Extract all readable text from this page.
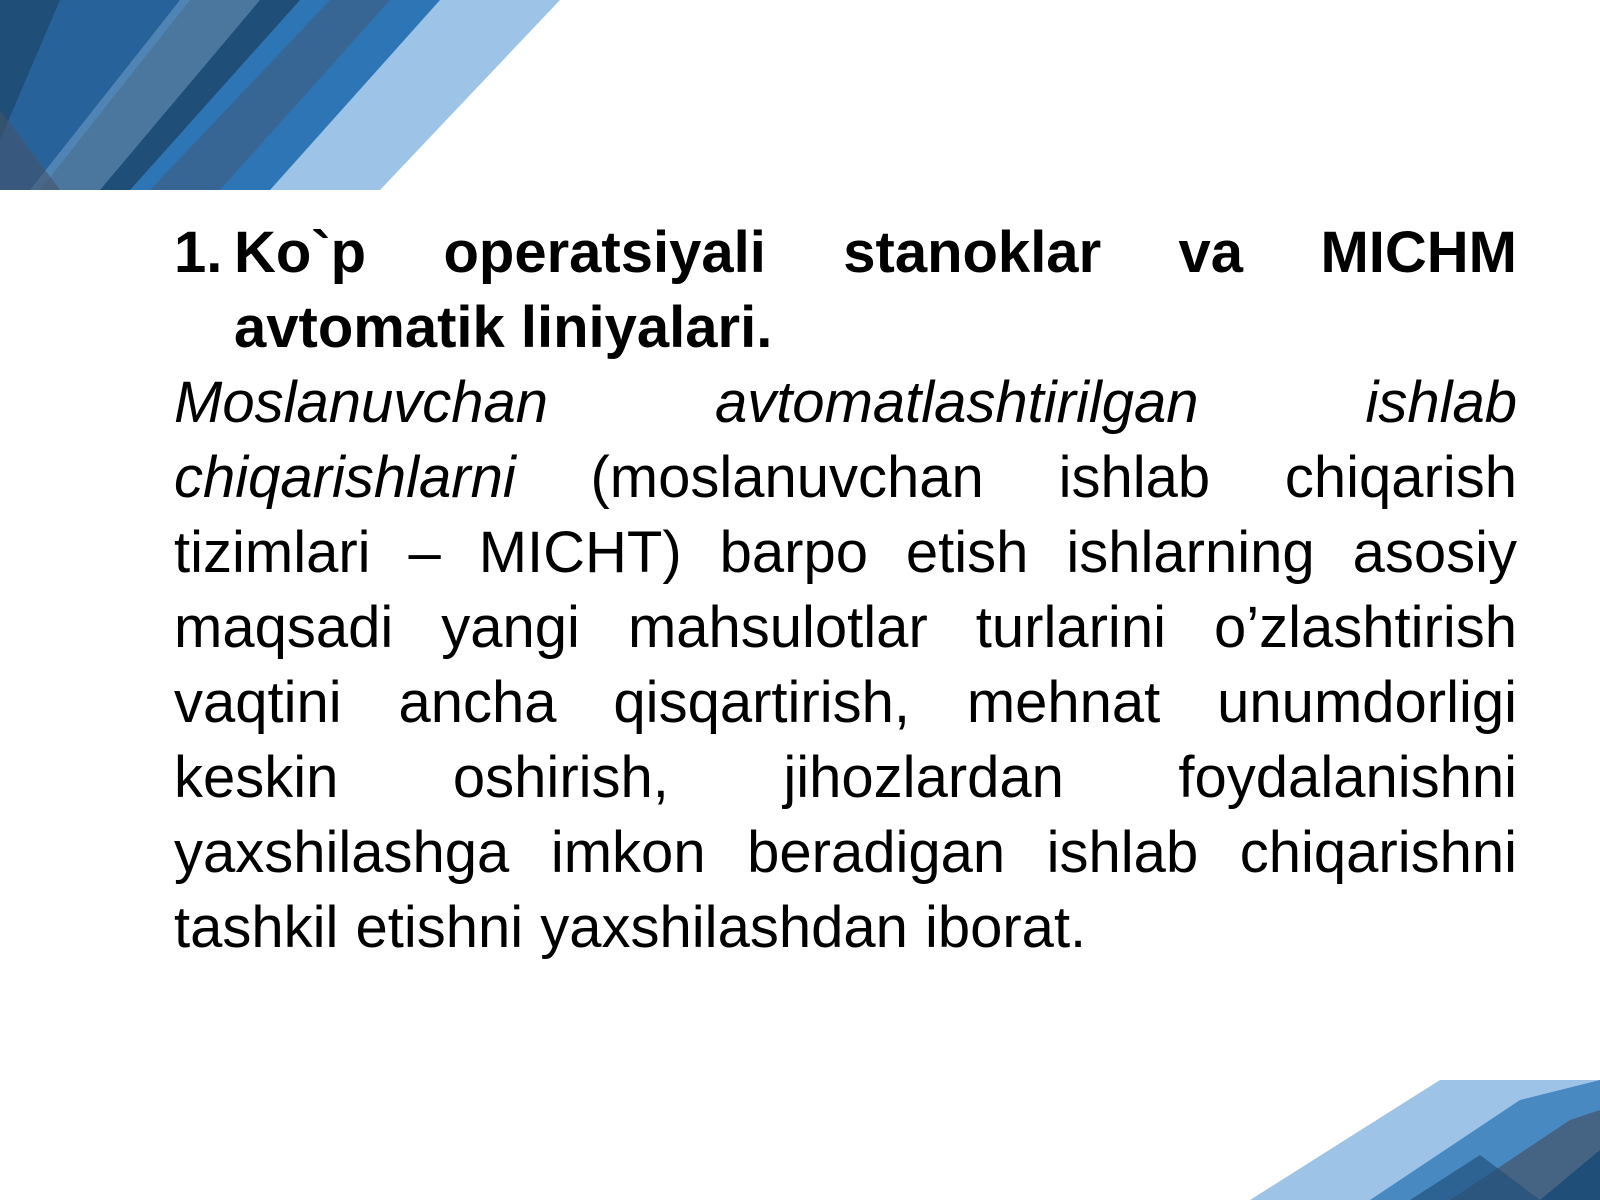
1. Ko`p operatsiyali stanoklar va MICHM avtomatik liniyalari.

Moslanuvchan avtomatlashtirilgan ishlab chiqarishlarni (moslanuvchan ishlab chiqarish tizimlari – MICHT) barpo etish ishlarning asosiy maqsadi yangi mahsulotlar turlarini o’zlashtirish vaqtini ancha qisqartirish, mehnat unumdorligi keskin oshirish, jihozlardan foydalanishni yaxshilashga imkon beradigan ishlab chiqarishni tashkil etishni yaxshilashdan iborat.
